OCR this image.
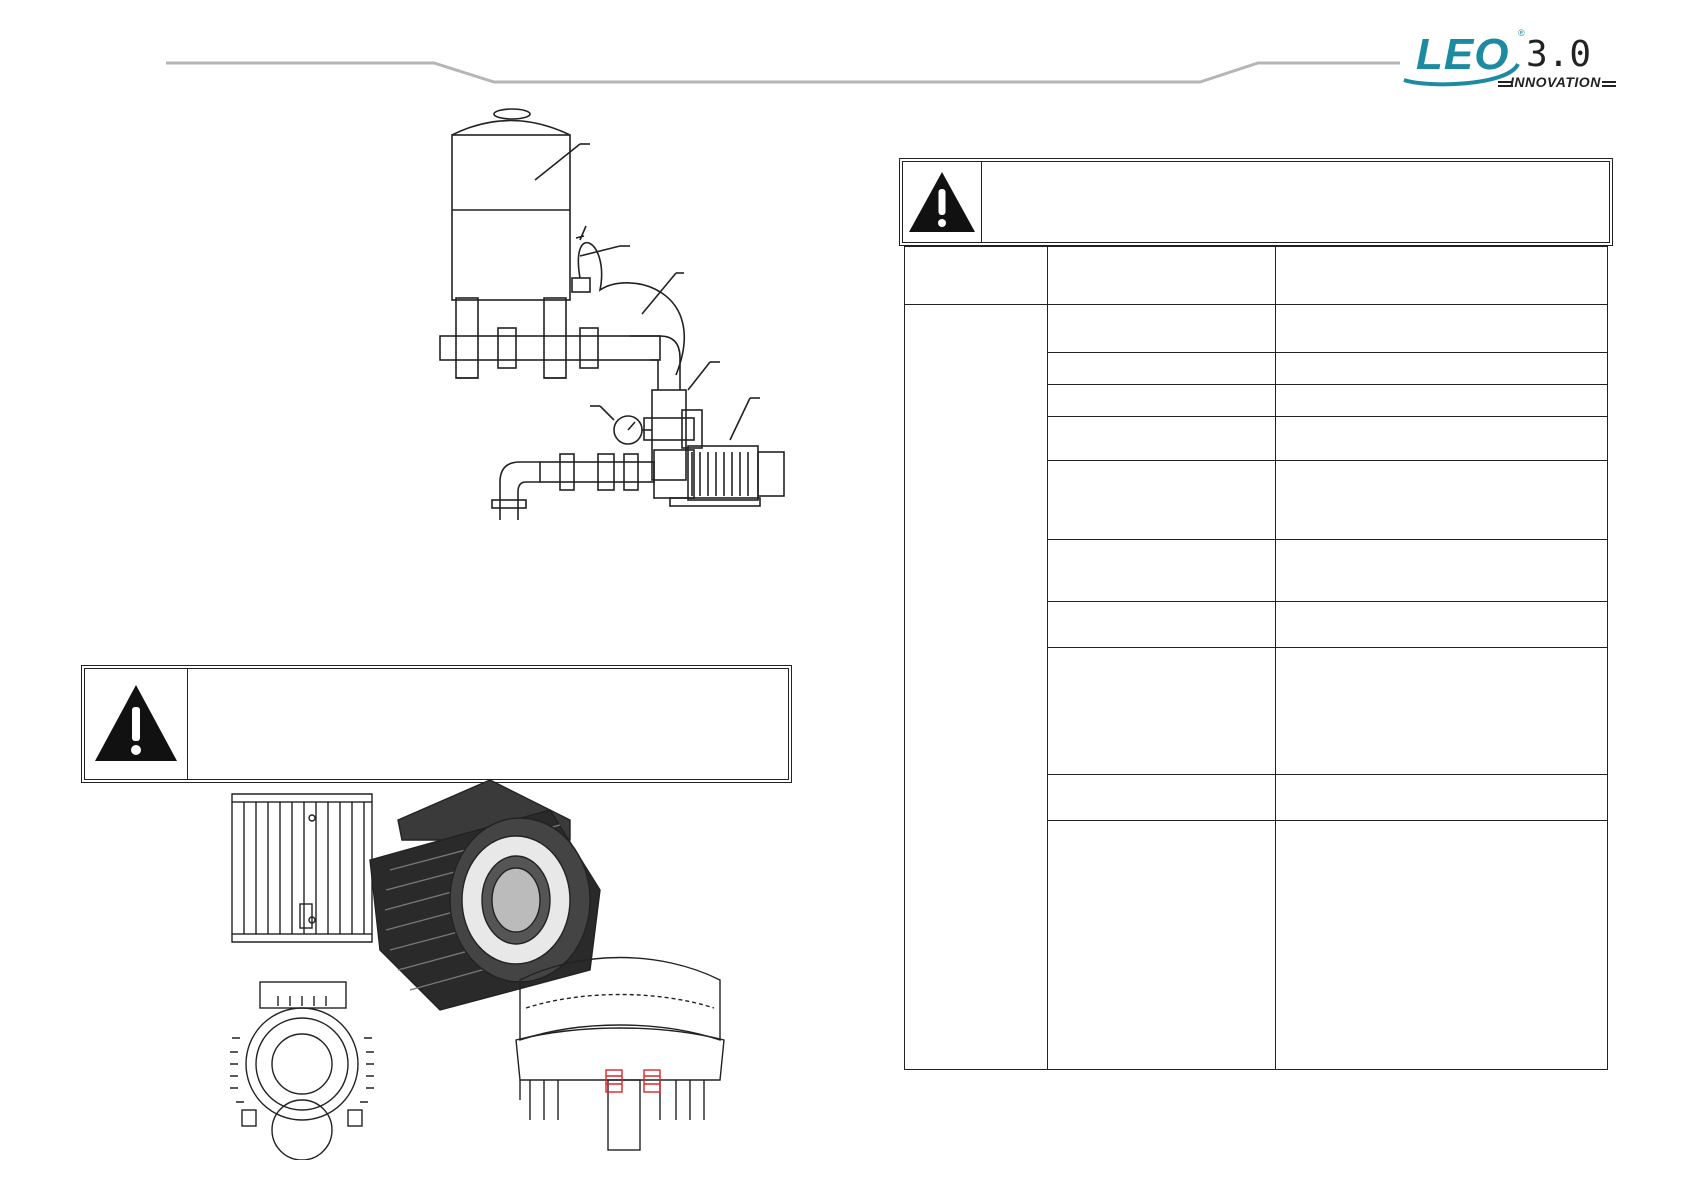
LEO ®
3.0
INNOVATION
